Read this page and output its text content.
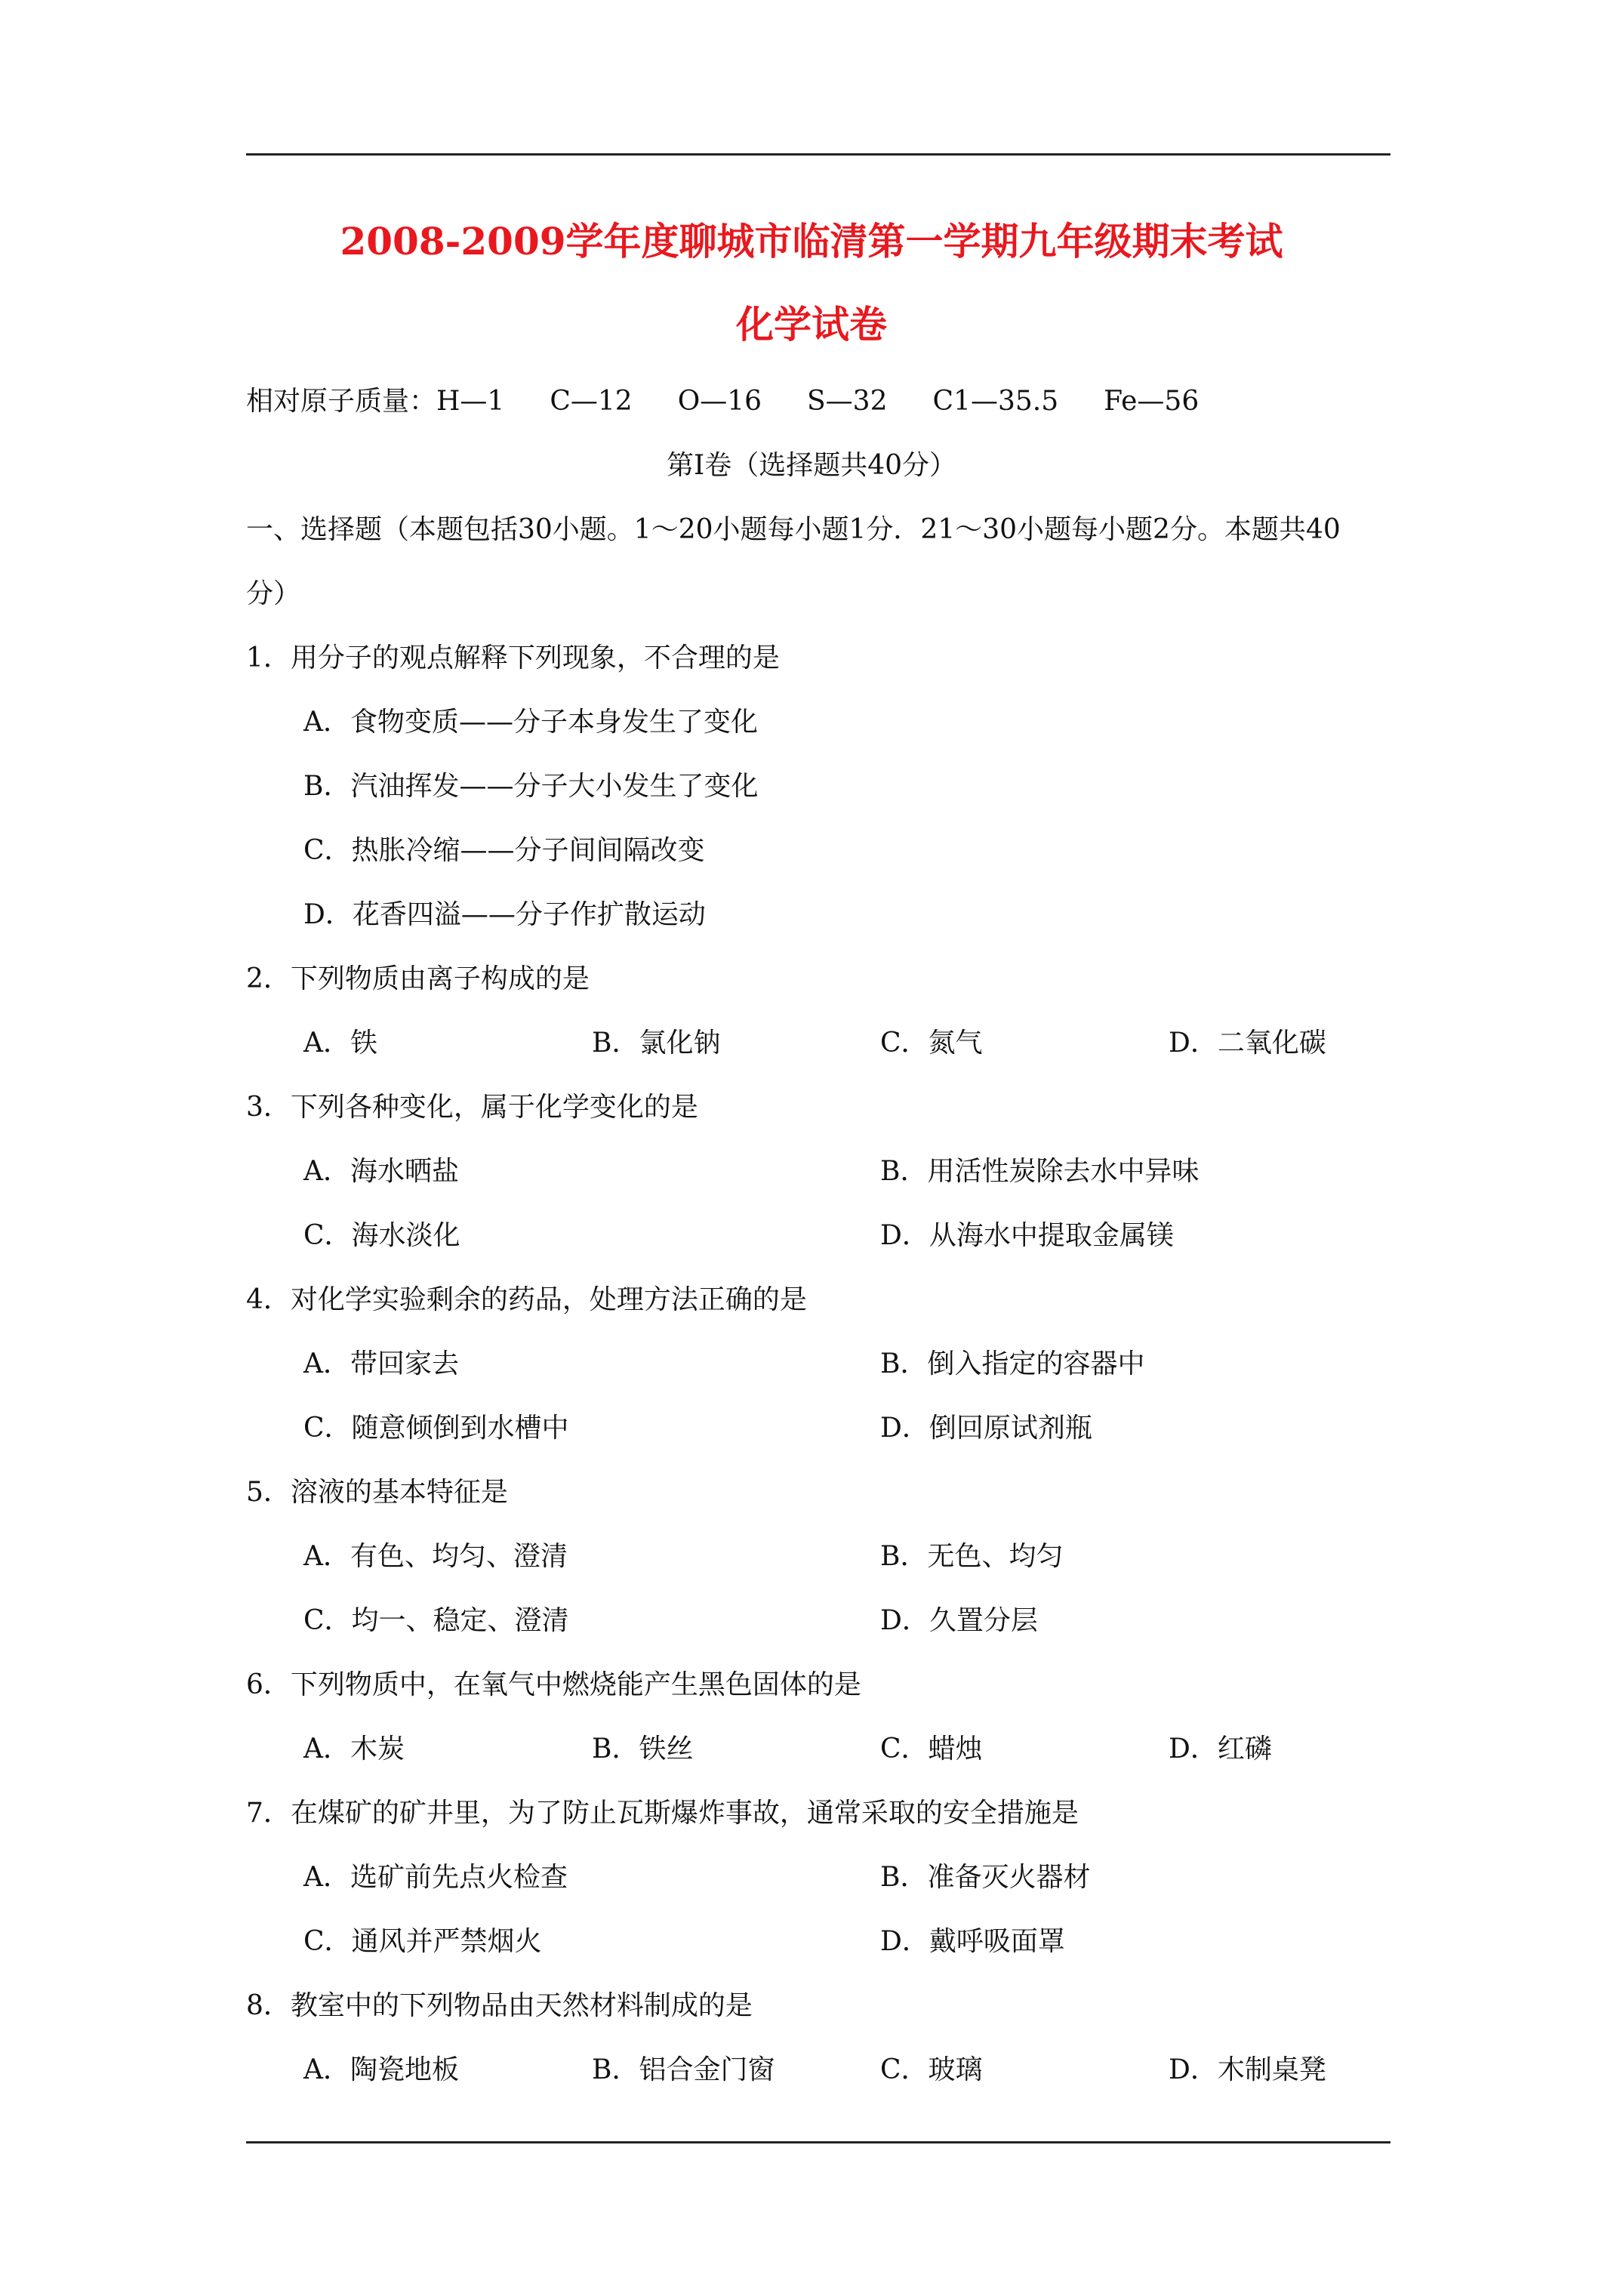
2008-2009学年度聊城市临清第一学期九年级期末考试
化学试卷
相对原子质量：H—1 C—12 O—16 S—32 C1—35.5 Fe—56
第Ⅰ卷（选择题共40分）
一、选择题（本题包括30小题。1～20小题每小题1分．21～30小题每小题2分。本题共40
分）
1．用分子的观点解释下列现象，不合理的是
A．食物变质——分子本身发生了变化
B．汽油挥发——分子大小发生了变化
C．热胀冷缩——分子间间隔改变
D．花香四溢——分子作扩散运动
2．下列物质由离子构成的是
A．铁	B．氯化钠	C．氮气	D．二氧化碳
3．下列各种变化，属于化学变化的是
A．海水晒盐	B．用活性炭除去水中异味
C．海水淡化	D．从海水中提取金属镁
4．对化学实验剩余的药品，处理方法正确的是
A．带回家去	B．倒入指定的容器中
C．随意倾倒到水槽中	D．倒回原试剂瓶
5．溶液的基本特征是
A．有色、均匀、澄清	B．无色、均匀
C．均一、稳定、澄清	D．久置分层
6．下列物质中，在氧气中燃烧能产生黑色固体的是
A．木炭	B．铁丝	C．蜡烛	D．红磷
7．在煤矿的矿井里，为了防止瓦斯爆炸事故，通常采取的安全措施是
A．选矿前先点火检查	B．准备灭火器材
C．通风并严禁烟火	D．戴呼吸面罩
8．教室中的下列物品由天然材料制成的是
A．陶瓷地板	B．铝合金门窗	C．玻璃	D．木制桌凳
